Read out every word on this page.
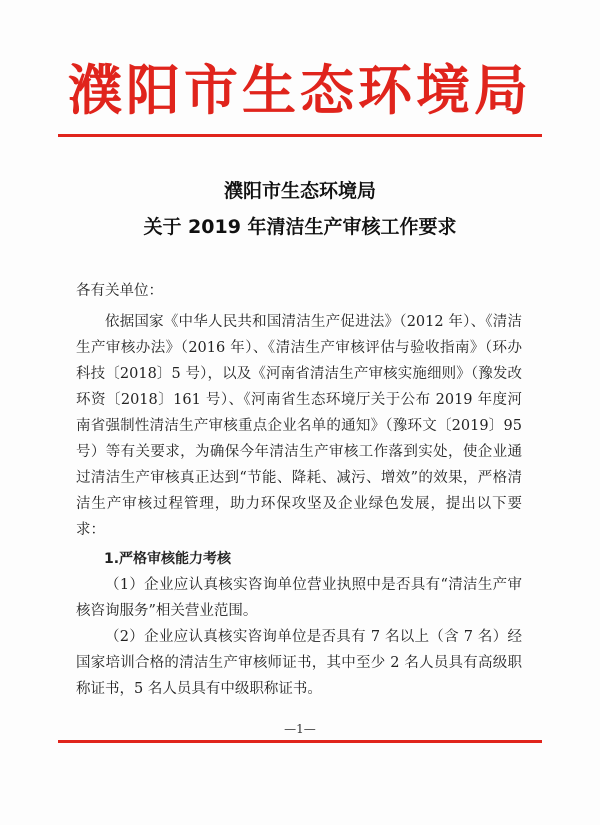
濮阳市生态环境局
濮阳市生态环境局
关于 2019 年清洁生产审核工作要求

各有关单位：

依据国家《中华人民共和国清洁生产促进法》（2012 年）、《清洁生产审核办法》（2016 年）、《清洁生产审核评估与验收指南》（环办科技〔2018〕5 号），以及《河南省清洁生产审核实施细则》（豫发改环资〔2018〕161 号）、《河南省生态环境厅关于公布 2019 年度河南省强制性清洁生产审核重点企业名单的通知》（豫环文〔2019〕95 号）等有关要求，为确保今年清洁生产审核工作落到实处，使企业通过清洁生产审核真正达到“节能、降耗、减污、增效”的效果，严格清洁生产审核过程管理，助力环保攻坚及企业绿色发展，提出以下要求：

1.严格审核能力考核

（1）企业应认真核实咨询单位营业执照中是否具有“清洁生产审核咨询服务”相关营业范围。

（2）企业应认真核实咨询单位是否具有 7 名以上（含 7 名）经国家培训合格的清洁生产审核师证书，其中至少 2 名人员具有高级职称证书，5 名人员具有中级职称证书。

—1—
